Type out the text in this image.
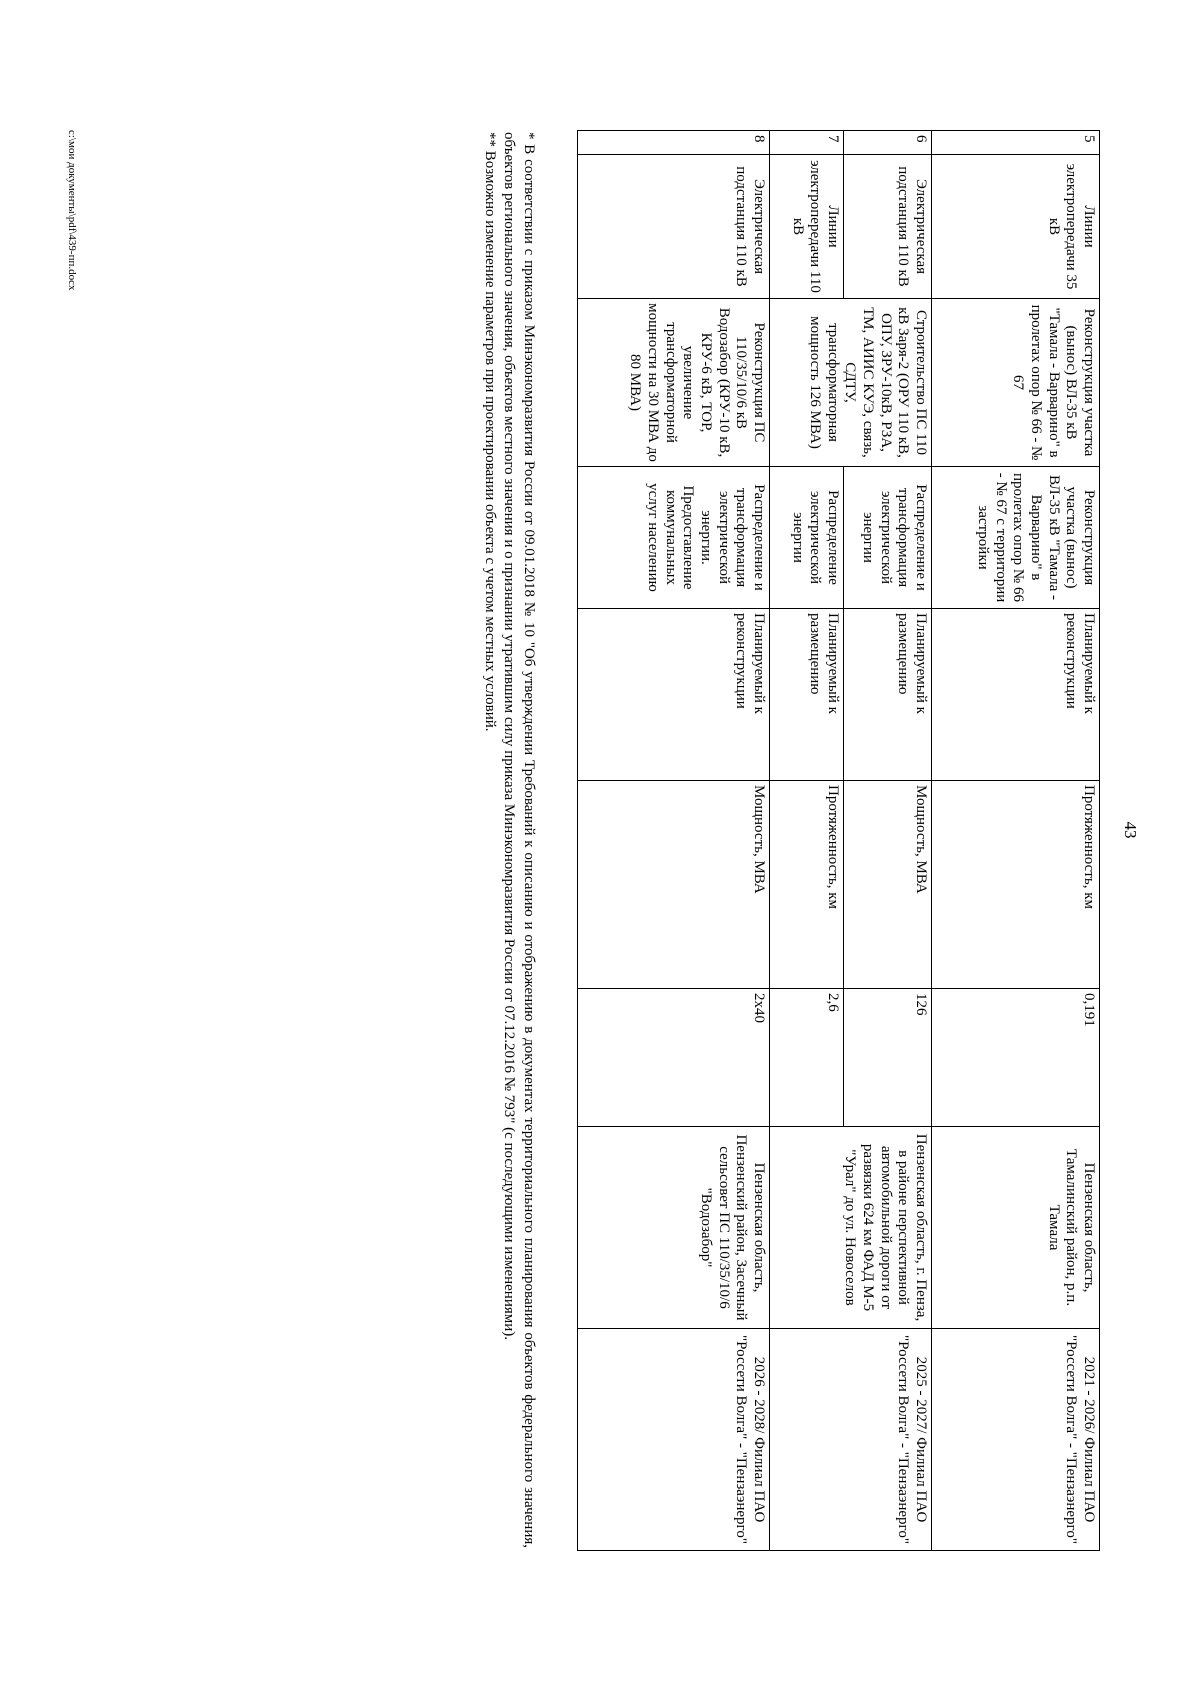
43
5	Линии электропередачи 35 кВ	Реконструкция участка (вынос) ВЛ-35 кВ "Тамала - Варварино" в пролетах опор № 66 - № 67	Реконструкция участка (вынос) ВЛ-35 кВ "Тамала - Варварино" в пролетах опор № 66 - № 67 с территории застройки	Планируемый к реконструкции	Протяженность, км	0,191	Пензенская область, Тамалинский район, р.п. Тамала	2021 - 2026/ Филиал ПАО "Россети Волга" - "Пензаэнерго"
6	Электрическая подстанция 110 кВ	Строительство ПС 110 кВ Заря-2 (ОРУ 110 кВ, ОПУ, ЗРУ-10кВ, РЗА, ТМ, АИИС КУЭ, связь, СДТУ, трансформаторная мощность 126 МВА)	Распределение и трансформация электрической энергии	Планируемый к размещению	Мощность, МВА	126	Пензенская область, г. Пенза, в районе перспективной автомобильной дороги от развязки 624 км ФАД М-5 "Урал" до ул. Новоселов	2025 - 2027/ Филиал ПАО "Россети Волга" - "Пензаэнерго"
7	Линии электропередачи 110 кВ		Распределение электрической энергии	Планируемый к размещению	Протяженность, км	2,6		
8	Электрическая подстанция 110 кВ	Реконструкция ПС 110/35/10/6 кВ Водозабор (КРУ-10 кВ, КРУ-6 кВ, ТОР, увеличение трансформаторной мощности на 30 МВА до 80 МВА)	Распределение и трансформация электрической энергии. Предоставление коммунальных услуг населению	Планируемый к реконструкции	Мощность, МВА	2х40	Пензенская область, Пензенский район, Засечный сельсовет ПС 110/35/10/6 "Водозабор"	2026 - 2028/ Филиал ПАО "Россети Волга" - "Пензаэнерго"
* В соответствии с приказом Минэкономразвития России от 09.01.2018 № 10 "Об утверждении Требований к описанию и отображению в документах территориального планирования объектов федерального значения, объектов регионального значения, объектов местного значения и о признании утратившим силу приказа Минэкономразвития России от 07.12.2016 № 793" (с последующими изменениями).
** Возможно изменение параметров при проектировании объекта с учетом местных условий.
c:\мои документы\pdf\439-пп.docx
